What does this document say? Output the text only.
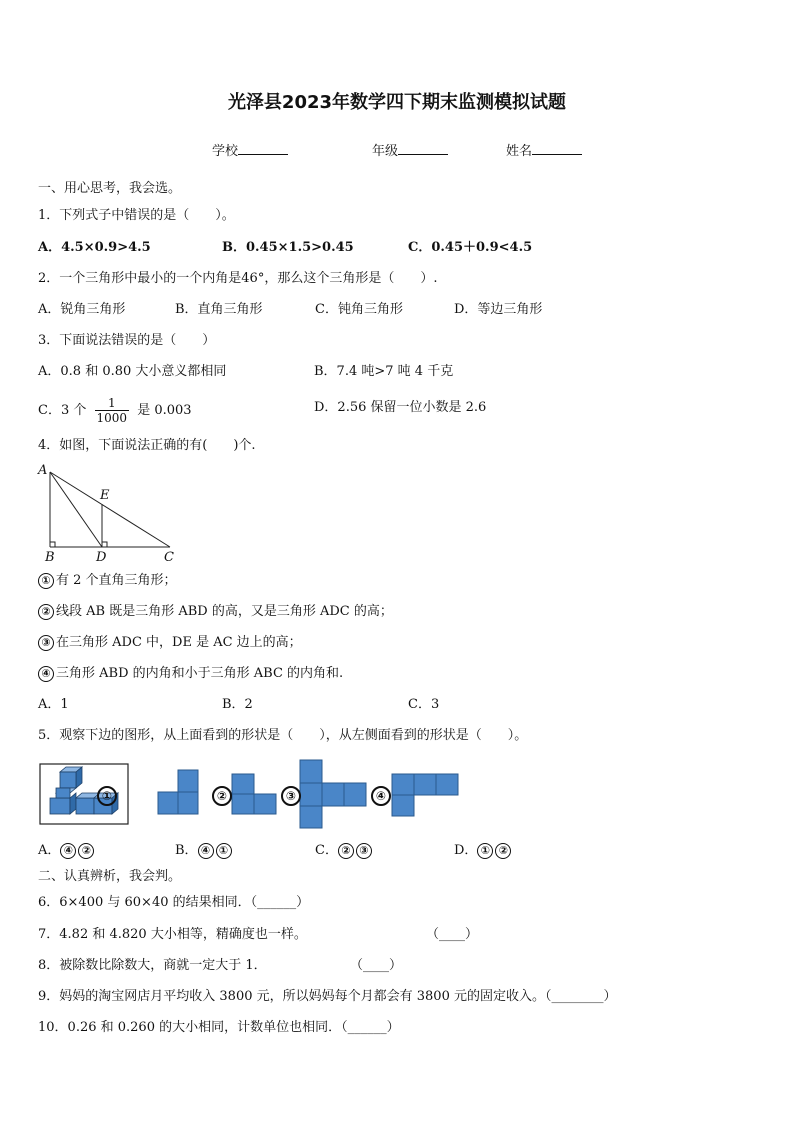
光泽县2023年数学四下期末监测模拟试题
学校	年级	姓名
一、用心思考，我会选。
1．下列式子中错误的是（　　）。
A．4.5×0.9>4.5	B．0.45×1.5>0.45	C．0.45＋0.9<4.5
2．一个三角形中最小的一个内角是46°，那么这个三角形是（　　）.
A．锐角三角形	B．直角三角形	C．钝角三角形	D．等边三角形
3．下面说法错误的是（　　）
A．0.8 和 0.80 大小意义都相同	B．7.4 吨>7 吨 4 千克
C．3 个 $\frac{1}{1000}$ 是 0.003	D．2.56 保留一位小数是 2.6
4．如图，下面说法正确的有(　　)个.
A
B	C
D
E
① 有 2 个直角三角形；
② 线段 AB 既是三角形 ABD 的高，又是三角形 ADC 的高；
③ 在三角形 ADC 中，DE 是 AC 边上的高；
④ 三角形 ABD 的内角和小于三角形 ABC 的内角和.
A．1	B．2	C．3
5．观察下边的图形，从上面看到的形状是（　　），从左侧面看到的形状是（　　）。
①	②	③	④
A． ④ ②	B． ④ ①	C． ② ③	D． ① ②
二、认真辨析，我会判。
6．6×400 与 60×40 的结果相同．（______）
7．4.82 和 4.820 大小相等，精确度也一样。	（____）
8．被除数比除数大，商就一定大于 1．	（____）
9．妈妈的淘宝网店月平均收入 3800 元，所以妈妈每个月都会有 3800 元的固定收入。（________）
10．0.26 和 0.260 的大小相同，计数单位也相同．（______）
